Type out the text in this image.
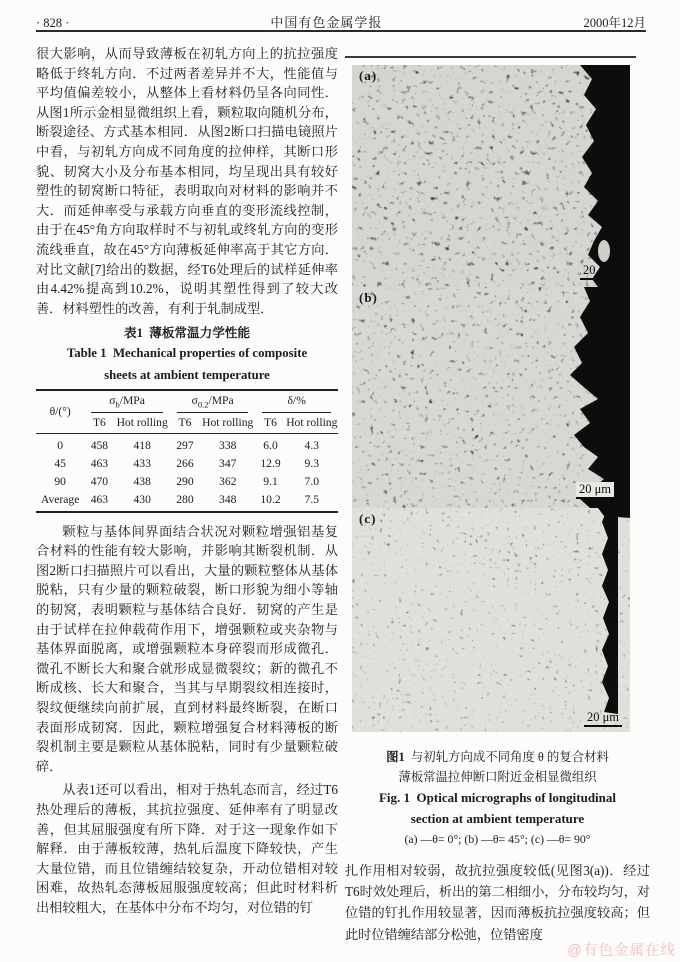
· 828 ·	中国有色金属学报	2000年12月

很大影响，从而导致薄板在初轧方向上的抗拉强度略低于终轧方向．不过两者差异并不大，性能值与平均值偏差较小，从整体上看材料仍呈各向同性．从图1所示金相显微组织上看，颗粒取向随机分布，断裂途径、方式基本相同．从图2断口扫描电镜照片中看，与初轧方向成不同角度的拉伸样，其断口形貌、韧窝大小及分布基本相同，均呈现出具有较好塑性的韧窝断口特征，表明取向对材料的影响并不大．而延伸率受与承载方向垂直的变形流线控制，由于在45°角方向取样时不与初轧或终轧方向的变形流线垂直，故在45°方向薄板延伸率高于其它方向．对比文献[7]给出的数据，经T6处理后的试样延伸率由4.42%提高到10.2%，说明其塑性得到了较大改善．材料塑性的改善，有利于轧制成型．

表1 薄板常温力学性能
Table 1 Mechanical properties of composite
sheets at ambient temperature
θ/(°)	$\sigma_b$/MPa		$\sigma_{0.2}$/MPa		δ/%	

	T6	Hot rolling	T6	Hot rolling	T6	Hot rolling
0	458	418	297	338	6.0	4.3
45	463	433	266	347	12.9	9.3
90	470	438	290	362	9.1	7.0
Average	463	430	280	348	10.2	7.5

颗粒与基体间界面结合状况对颗粒增强铝基复合材料的性能有较大影响，并影响其断裂机制．从图2断口扫描照片可以看出，大量的颗粒整体从基体脱粘，只有少量的颗粒破裂，断口形貌为细小等轴的韧窝，表明颗粒与基体结合良好．韧窝的产生是由于试样在拉伸载荷作用下，增强颗粒或夹杂物与基体界面脱离，或增强颗粒本身碎裂而形成微孔．微孔不断长大和聚合就形成显微裂纹；新的微孔不断成核、长大和聚合，当其与早期裂纹相连接时，裂纹便继续向前扩展，直到材料最终断裂，在断口表面形成韧窝．因此，颗粒增强复合材料薄板的断裂机制主要是颗粒从基体脱粘，同时有少量颗粒破碎．

从表1还可以看出，相对于热轧态而言，经过T6热处理后的薄板，其抗拉强度、延伸率有了明显改善，但其屈服强度有所下降．对于这一现象作如下解释．由于薄板较薄，热轧后温度下降较快，产生大量位错，而且位错缠结较复杂，开动位错相对较困难，故热轧态薄板屈服强度较高；但此时材料析出相较粗大，在基体中分布不均匀，对位错的钉

(a)
20 μm
(b)
20 μm
(c)
20 μm
图1 与初轧方向成不同角度 θ 的复合材料
薄板常温拉伸断口附近金相显微组织
Fig. 1 Optical micrographs of longitudinal
section at ambient temperature
(a) —θ= 0°; (b) —θ= 45°; (c) —θ= 90°

扎作用相对较弱，故抗拉强度较低(见图3(a))．经过T6时效处理后，析出的第二相细小，分布较均匀，对位错的钉扎作用较显著，因而薄板抗拉强度较高；但此时位错缠结部分松弛，位错密度

@有色金属在线
